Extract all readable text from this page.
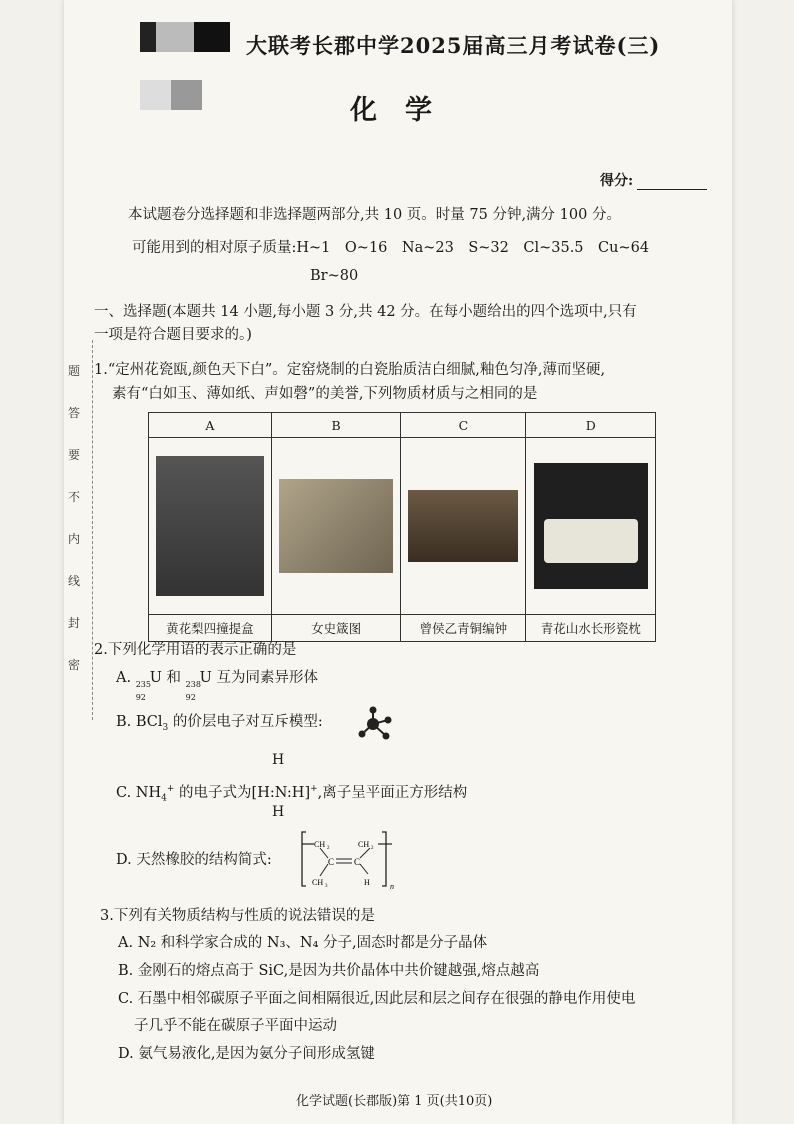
大联考长郡中学2025届高三月考试卷(三)
化学
得分:
本试题卷分选择题和非选择题两部分,共 10 页。时量 75 分钟,满分 100 分。
可能用到的相对原子质量:H~1　O~16　Na~23　S~32　Cl~35.5　Cu~64
Br~80
题
答
要
不
内
线
封
密
一、选择题(本题共 14 小题,每小题 3 分,共 42 分。在每小题给出的四个选项中,只有
一项是符合题目要求的。)
1.“定州花瓷瓯,颜色天下白”。定窑烧制的白瓷胎质洁白细腻,釉色匀净,薄而坚硬,
素有“白如玉、薄如纸、声如磬”的美誉,下列物质材质与之相同的是
A	B	C	D

黄花梨四撞提盒	女史箴图	曾侯乙青铜编钟	青花山水长形瓷枕
2.下列化学用语的表示正确的是
A. 235
92
U 和 238
92
U 互为同素异形体
B. BCl$_3$ 的价层电子对互斥模型:
H
C. $NH_4^+$ 的电子式为[H:N:H]+,离子呈平面正方形结构
H
D. 天然橡胶的结构简式:
CH 2	CH 2
C C
CH 3	H	n
3.下列有关物质结构与性质的说法错误的是
A. N₂ 和科学家合成的 N₃、N₄ 分子,固态时都是分子晶体
B. 金刚石的熔点高于 SiC,是因为共价晶体中共价键越强,熔点越高
C. 石墨中相邻碳原子平面之间相隔很近,因此层和层之间存在很强的静电作用使电
子几乎不能在碳原子平面中运动
D. 氨气易液化,是因为氨分子间形成氢键
化学试题(长郡版)第 1 页(共10页)
